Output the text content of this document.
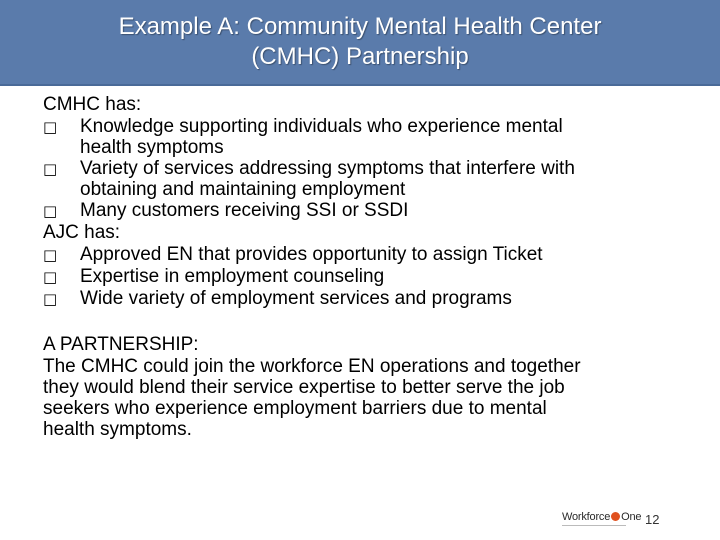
Example A: Community Mental Health Center
(CMHC) Partnership

CMHC has:

□	Knowledge supporting individuals who experience mental
health symptoms
□	Variety of services addressing symptoms that interfere with
obtaining and maintaining employment
□	Many customers receiving SSI or SSDI

AJC has:

□	Approved EN that provides opportunity to assign Ticket
□	Expertise in employment counseling
□	Wide variety of employment services and programs

A PARTNERSHIP:

The CMHC could join the workforce EN operations and together
they would blend their service expertise to better serve the job
seekers who experience employment barriers due to mental
health symptoms.

Workforce One 12
